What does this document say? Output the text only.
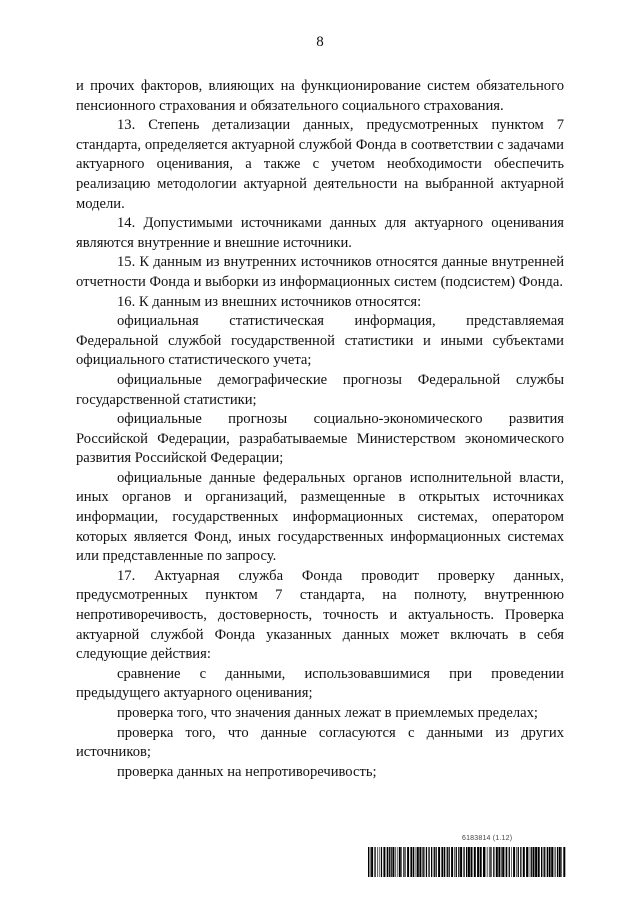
8

и прочих факторов, влияющих на функционирование систем обязательного пенсионного страхования и обязательного социального страхования.

13. Степень детализации данных, предусмотренных пунктом 7 стандарта, определяется актуарной службой Фонда в соответствии с задачами актуарного оценивания, а также с учетом необходимости обеспечить реализацию методологии актуарной деятельности на выбранной актуарной модели.

14. Допустимыми источниками данных для актуарного оценивания являются внутренние и внешние источники.

15. К данным из внутренних источников относятся данные внутренней отчетности Фонда и выборки из информационных систем (подсистем) Фонда.

16. К данным из внешних источников относятся:

официальная статистическая информация, представляемая Федеральной службой государственной статистики и иными субъектами официального статистического учета;

официальные демографические прогнозы Федеральной службы государственной статистики;

официальные прогнозы социально-экономического развития Российской Федерации, разрабатываемые Министерством экономического развития Российской Федерации;

официальные данные федеральных органов исполнительной власти, иных органов и организаций, размещенные в открытых источниках информации, государственных информационных системах, оператором которых является Фонд, иных государственных информационных системах или представленные по запросу.

17. Актуарная служба Фонда проводит проверку данных, предусмотренных пунктом 7 стандарта, на полноту, внутреннюю непротиворечивость, достоверность, точность и актуальность. Проверка актуарной службой Фонда указанных данных может включать в себя следующие действия:

сравнение с данными, использовавшимися при проведении предыдущего актуарного оценивания;

проверка того, что значения данных лежат в приемлемых пределах;

проверка того, что данные согласуются с данными из других источников;

проверка данных на непротиворечивость;

6183814 (1.12)
